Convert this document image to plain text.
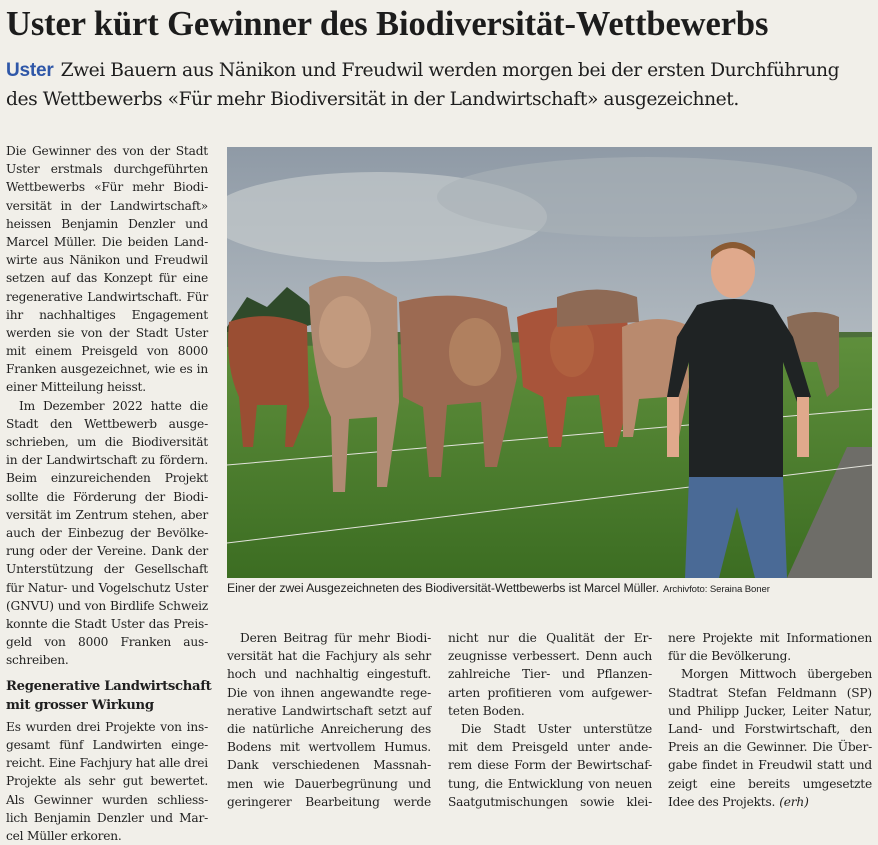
Uster kürt Gewinner des Biodiversität-Wettbewerbs
Uster Zwei Bauern aus Nänikon und Freudwil werden morgen bei der ersten Durchführung
des Wettbewerbs «Für mehr Biodiversität in der Landwirtschaft» ausgezeichnet.
Die Gewinner des von der Stadt
Uster erstmals durchgeführten
Wettbewerbs «Für mehr Biodi-
versität in der Landwirtschaft»
heissen Benjamin Denzler und
Marcel Müller. Die beiden Land-
wirte aus Nänikon und Freudwil
setzen auf das Konzept für eine
regenerative Landwirtschaft. Für
ihr nachhaltiges Engagement
werden sie von der Stadt Uster
mit einem Preisgeld von 8000
Franken ausgezeichnet, wie es in
einer Mitteilung heisst.
Im Dezember 2022 hatte die
Stadt den Wettbewerb ausge-
schrieben, um die Biodiversität
in der Landwirtschaft zu fördern.
Beim einzureichenden Projekt
sollte die Förderung der Biodi-
versität im Zentrum stehen, aber
auch der Einbezug der Bevölke-
rung oder der Vereine. Dank der
Unterstützung der Gesellschaft
für Natur- und Vogelschutz Uster
(GNVU) und von Birdlife Schweiz
konnte die Stadt Uster das Preis-
geld von 8000 Franken aus-
schreiben.
Regenerative Landwirtschaft
mit grosser Wirkung
Es wurden drei Projekte von ins-
gesamt fünf Landwirten einge-
reicht. Eine Fachjury hat alle drei
Projekte als sehr gut bewertet.
Als Gewinner wurden schliess-
lich Benjamin Denzler und Mar-
cel Müller erkoren.
Deren Beitrag für mehr Biodi-
versität hat die Fachjury als sehr
hoch und nachhaltig eingestuft.
Die von ihnen angewandte rege-
nerative Landwirtschaft setzt auf
die natürliche Anreicherung des
Bodens mit wertvollem Humus.
Dank verschiedenen Massnah-
men wie Dauerbegrünung und
geringerer Bearbeitung werde
nicht nur die Qualität der Er-
zeugnisse verbessert. Denn auch
zahlreiche Tier- und Pflanzen-
arten profitieren vom aufgewer-
teten Boden.
Die Stadt Uster unterstütze
mit dem Preisgeld unter ande-
rem diese Form der Bewirtschaf-
tung, die Entwicklung von neuen
Saatgutmischungen sowie klei-
nere Projekte mit Informationen
für die Bevölkerung.
Morgen Mittwoch übergeben
Stadtrat Stefan Feldmann (SP)
und Philipp Jucker, Leiter Natur,
Land- und Forstwirtschaft, den
Preis an die Gewinner. Die Über-
gabe findet in Freudwil statt und
zeigt eine bereits umgesetzte
Idee des Projekts. (erh)
Einer der zwei Ausgezeichneten des Biodiversität-Wettbewerbs ist Marcel Müller. Archivfoto: Seraina Boner
